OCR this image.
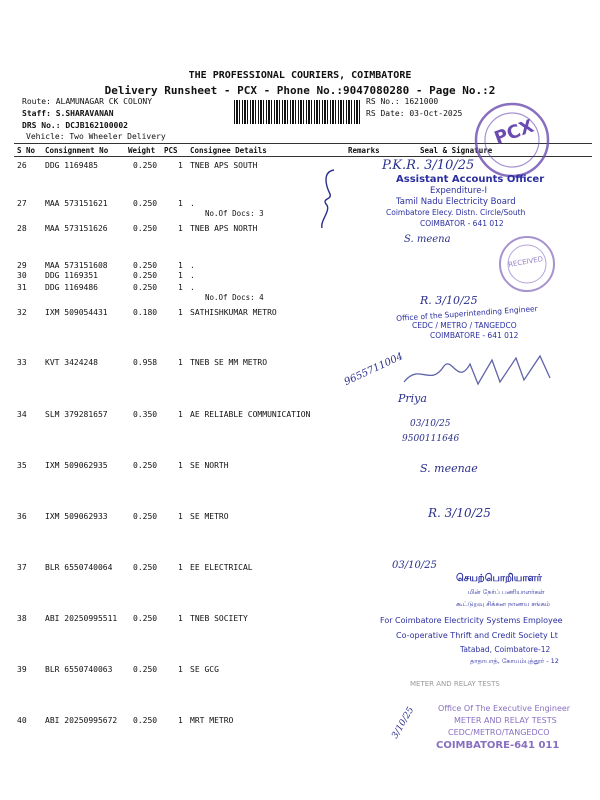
THE PROFESSIONAL COURIERS, COIMBATORE
Delivery Runsheet - PCX - Phone No.:9047080280 - Page No.:2
Route: ALAMUNAGAR CK COLONY
Staff: S.SHARAVANAN
DRS No.: DCJB162100002
Vehicle: Two Wheeler Delivery
RS No.: 1621000
RS Date: 03-Oct-2025
S No Consignment No	Weight PCS Consignee Details	Remarks	Seal & Signature
26 DDG 1169485	0.250	1 TNEB APS SOUTH
27 MAA 573151621	0.250	1 .
No.Of Docs: 3
28 MAA 573151626	0.250	1 TNEB APS NORTH
29 MAA 573151608	0.250	1 .
30 DDG 1169351	0.250	1 .
31 DDG 1169486	0.250	1 .
No.Of Docs: 4
32 IXM 509054431	0.180	1 SATHISHKUMAR METRO
33 KVT 3424248	0.958	1 TNEB SE MM METRO
34 SLM 379281657	0.350	1 AE RELIABLE COMMUNICATION
35 IXM 509062935	0.250	1 SE NORTH
36 IXM 509062933	0.250	1 SE METRO
37 BLR 6550740064	0.250	1 EE ELECTRICAL
38 ABI 20250995511 0.250	1 TNEB SOCIETY
39 BLR 6550740063	0.250	1 SE GCG
40 ABI 20250995672 0.250	1 MRT METRO
PCX
P.K.R. 3/10/25
Assistant Accounts Officer
Expenditure-I
Tamil Nadu Electricity Board
Coimbatore Elecy. Distn. Circle/South
COIMBATOR - 641 012
S. meena
RECEIVED
R. 3/10/25
Office of the Superintending Engineer
CEDC / METRO / TANGEDCO
COIMBATORE - 641 012
9655711004
Priya
03/10/25
9500111646
S. meenae
R. 3/10/25
03/10/25
செயற்பொறியாளர்
மின் நேர்ப் பணியாளர்கள்
கூட்டுறவு சிக்கன நாணய சங்கம்
For Coimbatore Electricity Systems Employee
Co-operative Thrift and Credit Society Lt
Tatabad, Coimbatore-12
தாதாபாத், கோயம்புத்தூர் - 12
METER AND RELAY TESTS
3/10/25	Office Of The Executive Engineer
METER AND RELAY TESTS
CEDC/METRO/TANGEDCO
COIMBATORE-641 011
